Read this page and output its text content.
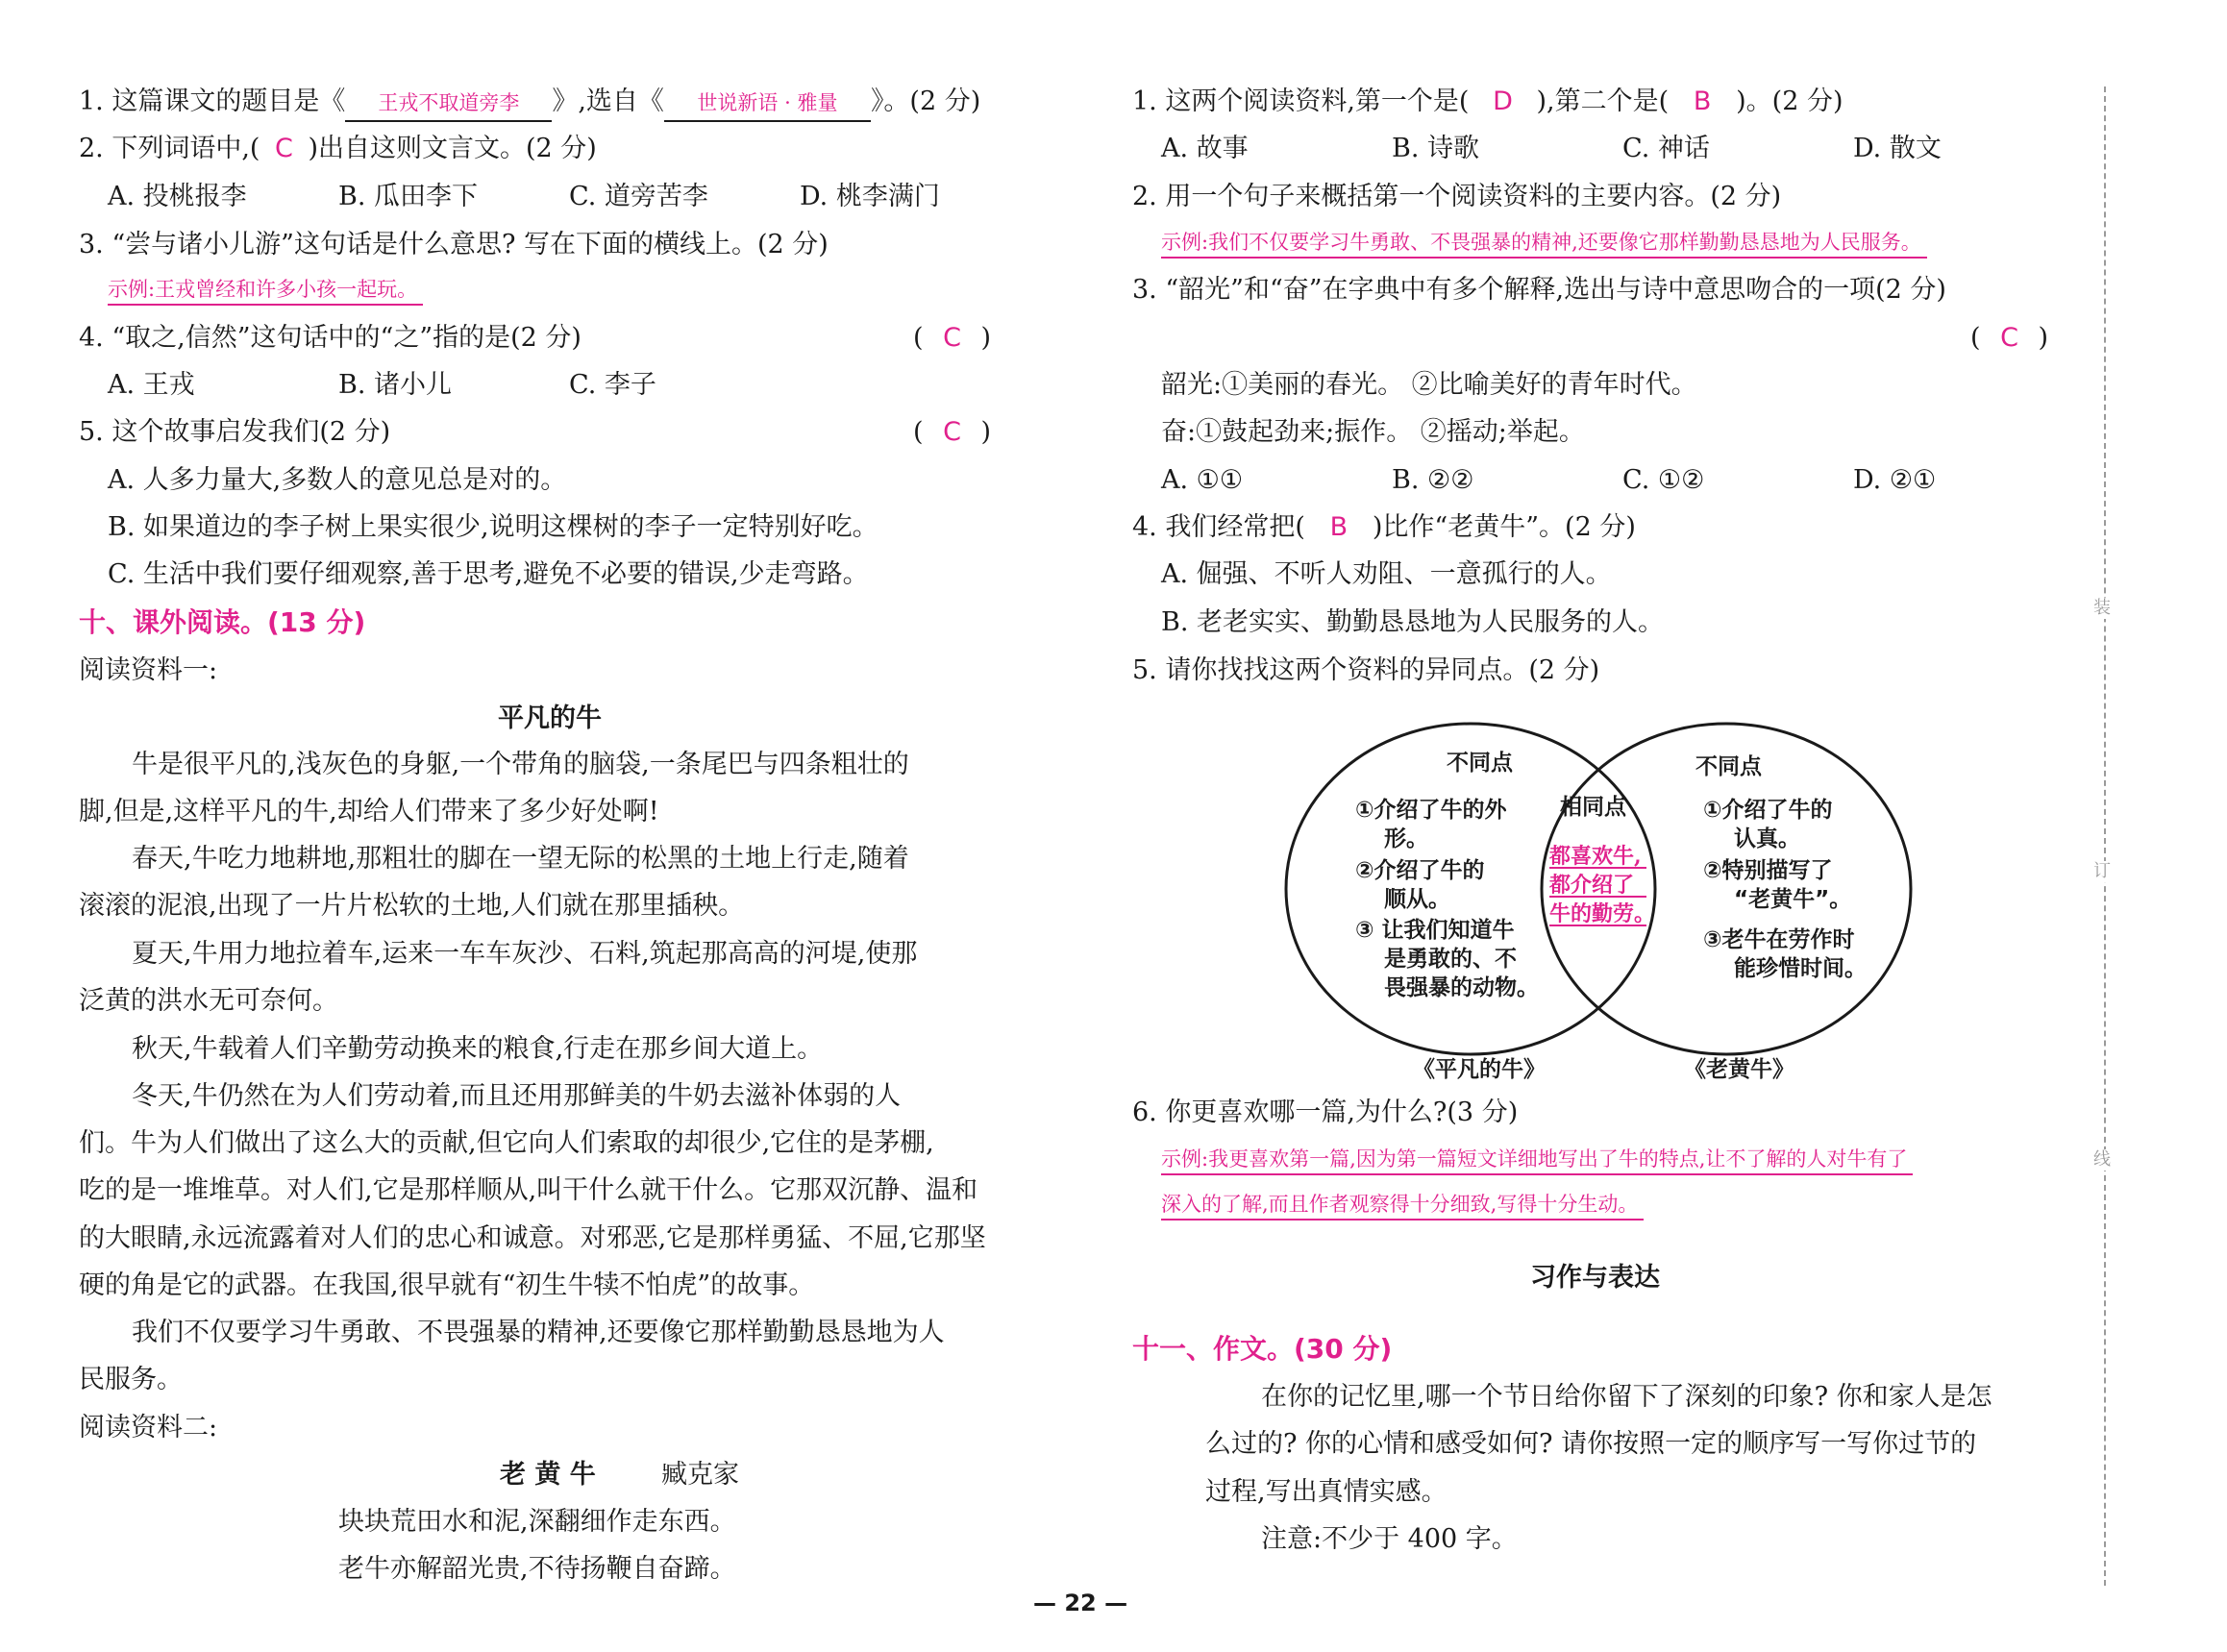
1. 这篇课文的题目是《 王戎不取道旁李 》,选自《 世说新语 · 雅量 》。(2 分)
2. 下列词语中,( C )出自这则文言文。(2 分)
A. 投桃报李	B. 瓜田李下	C. 道旁苦李	D. 桃李满门
3. “尝与诸小儿游”这句话是什么意思? 写在下面的横线上。(2 分)
示例:王戎曾经和许多小孩一起玩。
4. “取之,信然”这句话中的“之”指的是(2 分)	( C )
A. 王戎	B. 诸小儿	C. 李子
5. 这个故事启发我们(2 分)	( C )
A. 人多力量大,多数人的意见总是对的。
B. 如果道边的李子树上果实很少,说明这棵树的李子一定特别好吃。
C. 生活中我们要仔细观察,善于思考,避免不必要的错误,少走弯路。
十、课外阅读。(13 分)
阅读资料一:
平凡的牛
牛是很平凡的,浅灰色的身躯,一个带角的脑袋,一条尾巴与四条粗壮的
脚,但是,这样平凡的牛,却给人们带来了多少好处啊!
春天,牛吃力地耕地,那粗壮的脚在一望无际的松黑的土地上行走,随着
滚滚的泥浪,出现了一片片松软的土地,人们就在那里插秧。
夏天,牛用力地拉着车,运来一车车灰沙、石料,筑起那高高的河堤,使那
泛黄的洪水无可奈何。
秋天,牛载着人们辛勤劳动换来的粮食,行走在那乡间大道上。
冬天,牛仍然在为人们劳动着,而且还用那鲜美的牛奶去滋补体弱的人
们。牛为人们做出了这么大的贡献,但它向人们索取的却很少,它住的是茅棚,
吃的是一堆堆草。对人们,它是那样顺从,叫干什么就干什么。它那双沉静、温和
的大眼睛,永远流露着对人们的忠心和诚意。对邪恶,它是那样勇猛、不屈,它那坚
硬的角是它的武器。在我国,很早就有“初生牛犊不怕虎”的故事。
我们不仅要学习牛勇敢、不畏强暴的精神,还要像它那样勤勤恳恳地为人
民服务。
阅读资料二:
老 黄 牛	臧克家
块块荒田水和泥,深翻细作走东西。
老牛亦解韶光贵,不待扬鞭自奋蹄。
1. 这两个阅读资料,第一个是( D ),第二个是( B )。(2 分)
A. 故事	B. 诗歌	C. 神话	D. 散文
2. 用一个句子来概括第一个阅读资料的主要内容。(2 分)
示例:我们不仅要学习牛勇敢、不畏强暴的精神,还要像它那样勤勤恳恳地为人民服务。
3. “韶光”和“奋”在字典中有多个解释,选出与诗中意思吻合的一项(2 分)
( C )
韶光:①美丽的春光。 ②比喻美好的青年时代。
奋:①鼓起劲来;振作。 ②摇动;举起。
A. ①①	B. ②②	C. ①②	D. ②①
4. 我们经常把( B )比作“老黄牛”。(2 分)
A. 倔强、不听人劝阻、一意孤行的人。
B. 老老实实、勤勤恳恳地为人民服务的人。
5. 请你找找这两个资料的异同点。(2 分)
不同点
①介绍了牛的外
形。
②介绍了牛的
顺从。
③ 让我们知道牛
是勇敢的、不
畏强暴的动物。
相同点
都喜欢牛,
都介绍了
牛的勤劳。
不同点
①介绍了牛的
认真。
②特别描写了
“老黄牛”。
③老牛在劳作时
能珍惜时间。
《平凡的牛》	《老黄牛》
6. 你更喜欢哪一篇,为什么?(3 分)
示例:我更喜欢第一篇,因为第一篇短文详细地写出了牛的特点,让不了解的人对牛有了
深入的了解,而且作者观察得十分细致,写得十分生动。
习作与表达
十一、作文。(30 分)
在你的记忆里,哪一个节日给你留下了深刻的印象? 你和家人是怎
么过的? 你的心情和感受如何? 请你按照一定的顺序写一写你过节的
过程,写出真情实感。
注意:不少于 400 字。
装
订
线
— 22 —
